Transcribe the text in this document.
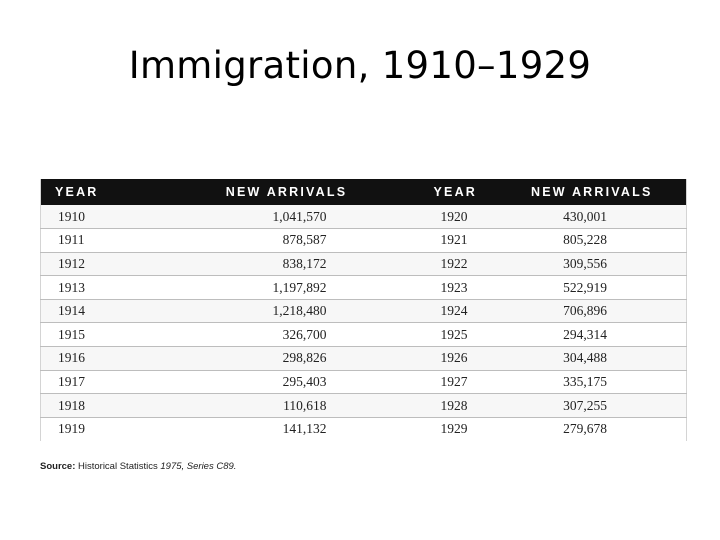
Immigration, 1910–1929
YEAR	NEW ARRIVALS	YEAR	NEW ARRIVALS
1910	1,041,570	1920	430,001
1911	878,587	1921	805,228
1912	838,172	1922	309,556
1913	1,197,892	1923	522,919
1914	1,218,480	1924	706,896
1915	326,700	1925	294,314
1916	298,826	1926	304,488
1917	295,403	1927	335,175
1918	110,618	1928	307,255
1919	141,132	1929	279,678
Source: Historical Statistics 1975, Series C89.
